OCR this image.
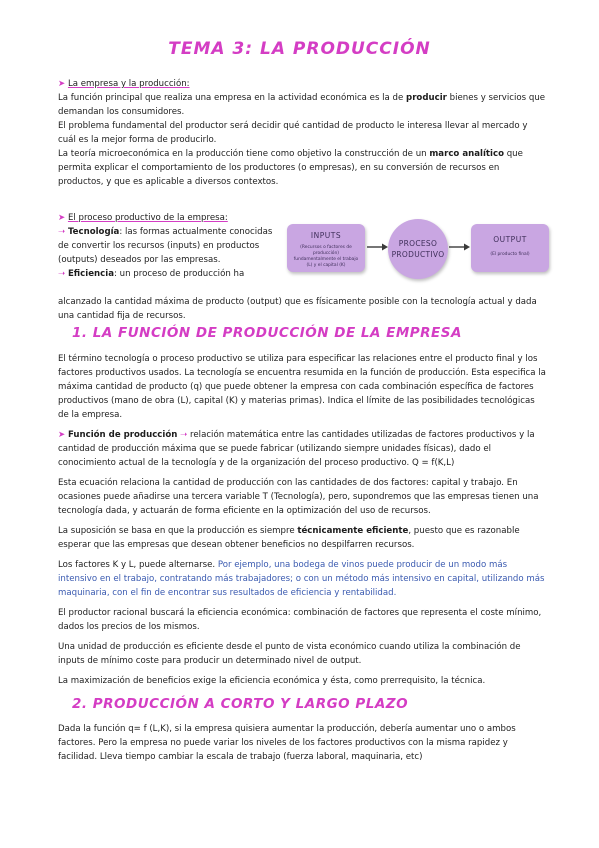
TEMA 3: LA PRODUCCIÓN

➤ La empresa y la producción:

La función principal que realiza una empresa en la actividad económica es la de producir bienes y servicios que demandan los consumidores.

El problema fundamental del productor será decidir qué cantidad de producto le interesa llevar al mercado y cuál es la mejor forma de producirlo.

La teoría microeconómica en la producción tiene como objetivo la construcción de un marco analítico que permita explicar el comportamiento de los productores (o empresas), en su conversión de recursos en productos, y que es aplicable a diversos contextos.

➤ El proceso productivo de la empresa:

➝ Tecnología: las formas actualmente conocidas de convertir los recursos (inputs) en productos (outputs) deseados por las empresas.

➝ Eficiencia: un proceso de producción ha

alcanzado la cantidad máxima de producto (output) que es físicamente posible con la tecnología actual y dada una cantidad fija de recursos.
INPUTS
(Recursos o factores de producción) fundamentalmente el trabajo (L) y el capital (K)
PROCESO
PRODUCTIVO
OUTPUT
(El producto final)
1. LA FUNCIÓN DE PRODUCCIÓN DE LA EMPRESA

El término tecnología o proceso productivo se utiliza para especificar las relaciones entre el producto final y los factores productivos usados. La tecnología se encuentra resumida en la función de producción. Esta especifica la máxima cantidad de producto (q) que puede obtener la empresa con cada combinación específica de factores productivos (mano de obra (L), capital (K) y materias primas). Indica el límite de las posibilidades tecnológicas de la empresa.

➤ Función de producción ➝ relación matemática entre las cantidades utilizadas de factores productivos y la cantidad de producción máxima que se puede fabricar (utilizando siempre unidades físicas), dado el conocimiento actual de la tecnología y de la organización del proceso productivo. Q = f(K,L)

Esta ecuación relaciona la cantidad de producción con las cantidades de dos factores: capital y trabajo. En ocasiones puede añadirse una tercera variable T (Tecnología), pero, supondremos que las empresas tienen una tecnología dada, y actuarán de forma eficiente en la optimización del uso de recursos.

La suposición se basa en que la producción es siempre técnicamente eficiente, puesto que es razonable esperar que las empresas que desean obtener beneficios no despilfarren recursos.

Los factores K y L, puede alternarse. Por ejemplo, una bodega de vinos puede producir de un modo más intensivo en el trabajo, contratando más trabajadores; o con un método más intensivo en capital, utilizando más maquinaria, con el fin de encontrar sus resultados de eficiencia y rentabilidad.

El productor racional buscará la eficiencia económica: combinación de factores que representa el coste mínimo, dados los precios de los mismos.

Una unidad de producción es eficiente desde el punto de vista económico cuando utiliza la combinación de inputs de mínimo coste para producir un determinado nivel de output.

La maximización de beneficios exige la eficiencia económica y ésta, como prerrequisito, la técnica.

2. PRODUCCIÓN A CORTO Y LARGO PLAZO
Dada la función q= f (L,K), si la empresa quisiera aumentar la producción, debería aumentar uno o ambos factores. Pero la empresa no puede variar los niveles de los factores productivos con la misma rapidez y facilidad. Lleva tiempo cambiar la escala de trabajo (fuerza laboral, maquinaria, etc)
